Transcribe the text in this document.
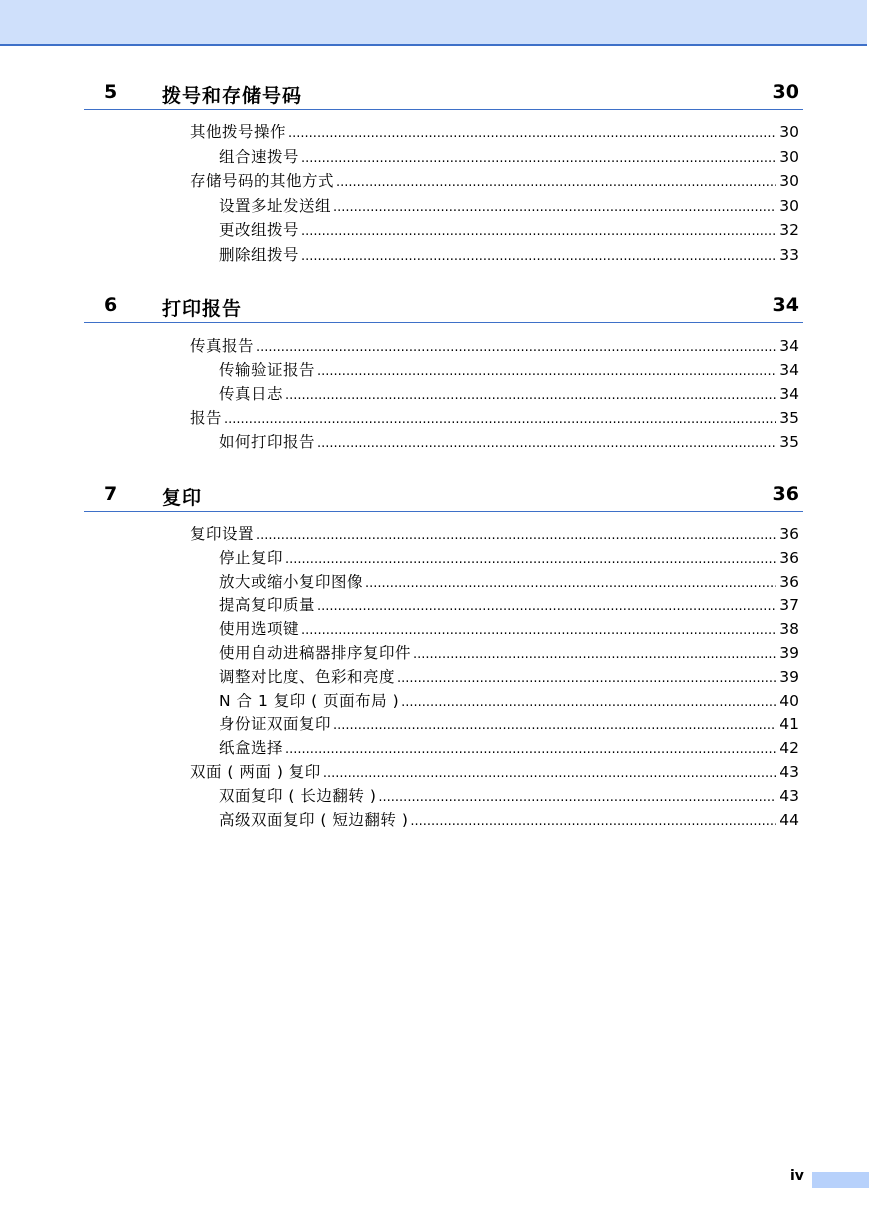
5 拨号和存储号码	30
其他拨号操作 .....	30
组合速拨号 .....	30
存储号码的其他方式 .....	30
设置多址发送组 .....	30
更改组拨号 .....	32
删除组拨号 .....	33
6 打印报告	34
传真报告 .....	34
传输验证报告 .....	34
传真日志 .....	34
报告 .....	35
如何打印报告 .....	35
7 复印	36
复印设置 .....	36
停止复印 .....	36
放大或缩小复印图像 .....	36
提高复印质量 .....	37
使用选项键 .....	38
使用自动进稿器排序复印件 .....	39
调整对比度、色彩和亮度 .....	39
N 合 1 复印 ( 页面布局 ) .....	40
身份证双面复印 .....	41
纸盒选择 .....	42
双面 ( 两面 ) 复印 .....	43
双面复印 ( 长边翻转 ) .....	43
高级双面复印 ( 短边翻转 ) .....	44
iv
